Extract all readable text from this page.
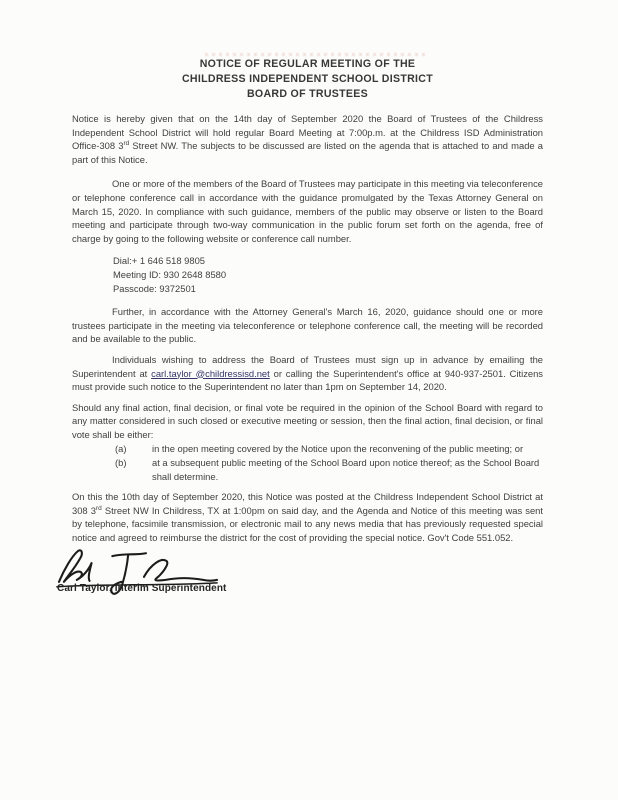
NOTICE OF REGULAR MEETING OF THE
CHILDRESS INDEPENDENT SCHOOL DISTRICT
BOARD OF TRUSTEES

Notice is hereby given that on the 14th day of September 2020 the Board of Trustees of the Childress Independent School District will hold regular Board Meeting at 7:00p.m. at the Childress ISD Administration Office-308 3rd Street NW. The subjects to be discussed are listed on the agenda that is attached to and made a part of this Notice.

One or more of the members of the Board of Trustees may participate in this meeting via teleconference or telephone conference call in accordance with the guidance promulgated by the Texas Attorney General on March 15, 2020. In compliance with such guidance, members of the public may observe or listen to the Board meeting and participate through two-way communication in the public forum set forth on the agenda, free of charge by going to the following website or conference call number.

Dial:+ 1 646 518 9805
Meeting ID: 930 2648 8580
Passcode: 9372501

Further, in accordance with the Attorney General's March 16, 2020, guidance should one or more trustees participate in the meeting via teleconference or telephone conference call, the meeting will be recorded and be available to the public.

Individuals wishing to address the Board of Trustees must sign up in advance by emailing the Superintendent at carl.taylor @childressisd.net or calling the Superintendent's office at 940-937-2501. Citizens must provide such notice to the Superintendent no later than 1pm on September 14, 2020.

Should any final action, final decision, or final vote be required in the opinion of the School Board with regard to any matter considered in such closed or executive meeting or session, then the final action, final decision, or final vote shall be either:

(a)	in the open meeting covered by the Notice upon the reconvening of the public meeting; or
(b)	at a subsequent public meeting of the School Board upon notice thereof; as the School Board shall determine.

On this the 10th day of September 2020, this Notice was posted at the Childress Independent School District at 308 3rd Street NW In Childress, TX at 1:00pm on said day, and the Agenda and Notice of this meeting was sent by telephone, facsimile transmission, or electronic mail to any news media that has previously requested special notice and agreed to reimburse the district for the cost of providing the special notice. Gov't Code 551.052.

Carl Taylor, Interim Superintendent
